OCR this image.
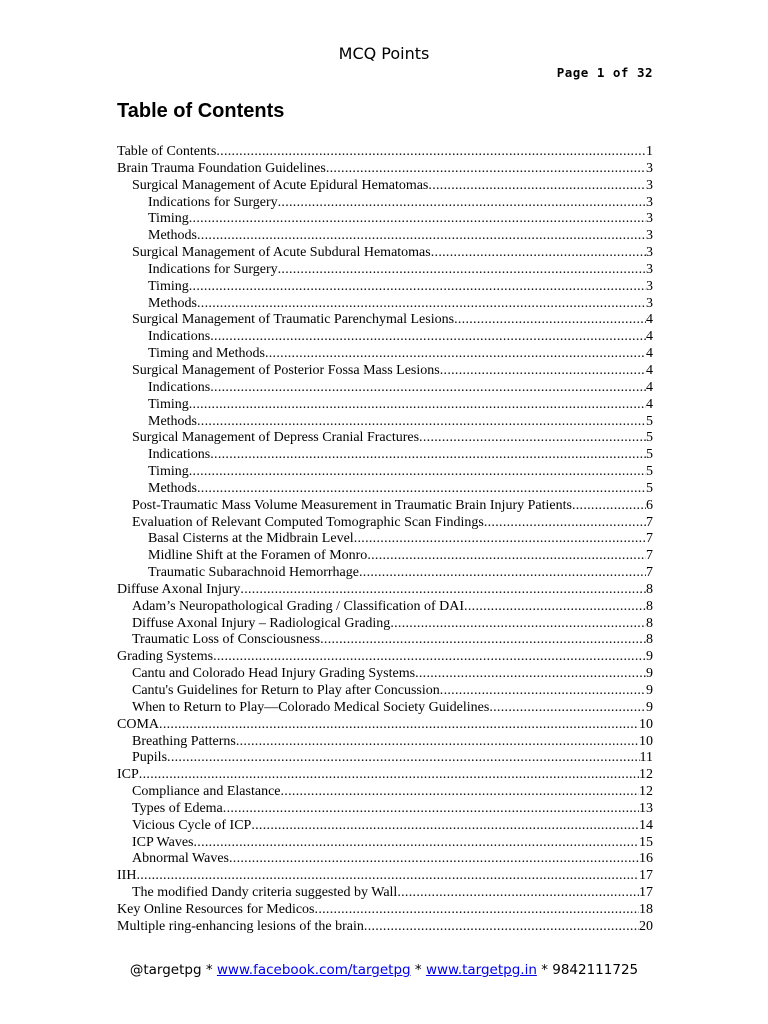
MCQ Points
Page 1 of 32
Table of Contents
Table of Contents .....	1
Brain Trauma Foundation Guidelines .....	3
Surgical Management of Acute Epidural Hematomas .....	3
Indications for Surgery .....	3
Timing .....	3
Methods .....	3
Surgical Management of Acute Subdural Hematomas .....	3
Indications for Surgery .....	3
Timing .....	3
Methods .....	3
Surgical Management of Traumatic Parenchymal Lesions .....	4
Indications .....	4
Timing and Methods .....	4
Surgical Management of Posterior Fossa Mass Lesions .....	4
Indications .....	4
Timing .....	4
Methods .....	5
Surgical Management of Depress Cranial Fractures .....	5
Indications .....	5
Timing .....	5
Methods .....	5
Post-Traumatic Mass Volume Measurement in Traumatic Brain Injury Patients .....	6
Evaluation of Relevant Computed Tomographic Scan Findings .....	7
Basal Cisterns at the Midbrain Level .....	7
Midline Shift at the Foramen of Monro .....	7
Traumatic Subarachnoid Hemorrhage .....	7
Diffuse Axonal Injury .....	8
Adam’s Neuropathological Grading / Classification of DAI .....	8
Diffuse Axonal Injury – Radiological Grading .....	8
Traumatic Loss of Consciousness .....	8
Grading Systems .....	9
Cantu and Colorado Head Injury Grading Systems .....	9
Cantu's Guidelines for Return to Play after Concussion .....	9
When to Return to Play—Colorado Medical Society Guidelines .....	9
COMA .....	10
Breathing Patterns .....	10
Pupils .....	11
ICP .....	12
Compliance and Elastance .....	12
Types of Edema .....	13
Vicious Cycle of ICP .....	14
ICP Waves .....	15
Abnormal Waves .....	16
IIH .....	17
The modified Dandy criteria suggested by Wall .....	17
Key Online Resources for Medicos .....	18
Multiple ring-enhancing lesions of the brain .....	20
@targetpg * www.facebook.com/targetpg * www.targetpg.in * 9842111725
